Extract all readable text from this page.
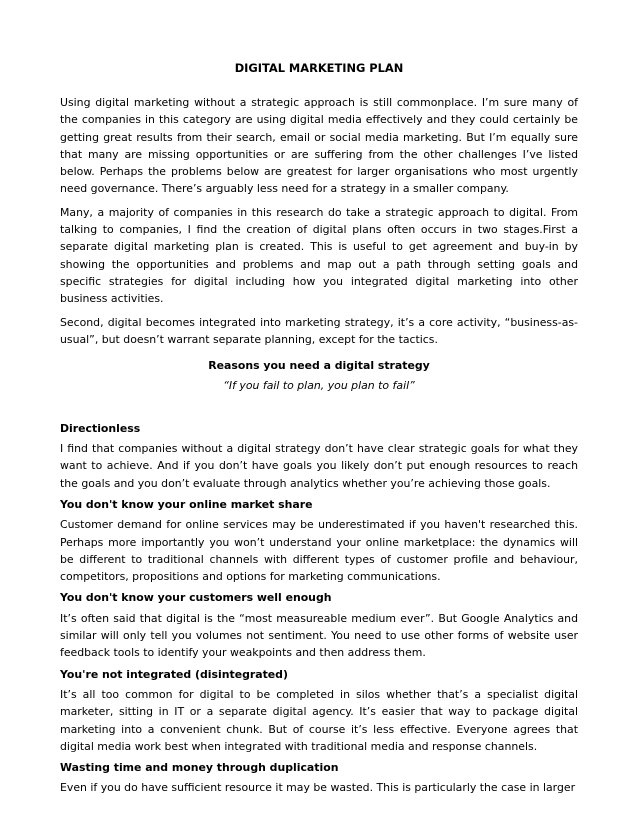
DIGITAL MARKETING PLAN

Using digital marketing without a strategic approach is still commonplace. I’m sure many of the companies in this category are using digital media effectively and they could certainly be getting great results from their search, email or social media marketing. But I’m equally sure that many are missing opportunities or are suffering from the other challenges I’ve listed below. Perhaps the problems below are greatest for larger organisations who most urgently need governance. There’s arguably less need for a strategy in a smaller company.

Many, a majority of companies in this research do take a strategic approach to digital. From talking to companies, I find the creation of digital plans often occurs in two stages.First a separate digital marketing plan is created. This is useful to get agreement and buy-in by showing the opportunities and problems and map out a path through setting goals and specific strategies for digital including how you integrated digital marketing into other business activities.

Second, digital becomes integrated into marketing strategy, it’s a core activity, “business-as-usual”, but doesn’t warrant separate planning, except for the tactics.

Reasons you need a digital strategy

“If you fail to plan, you plan to fail”

Directionless

I find that companies without a digital strategy don’t have clear strategic goals for what they want to achieve. And if you don’t have goals you likely don’t put enough resources to reach the goals and you don’t evaluate through analytics whether you’re achieving those goals.

You don't know your online market share

Customer demand for online services may be underestimated if you haven't researched this. Perhaps more importantly you won’t understand your online marketplace: the dynamics will be different to traditional channels with different types of customer profile and behaviour, competitors, propositions and options for marketing communications.

You don't know your customers well enough

It’s often said that digital is the “most measureable medium ever”. But Google Analytics and similar will only tell you volumes not sentiment. You need to use other forms of website user feedback tools to identify your weakpoints and then address them.

You're not integrated (disintegrated)

It’s all too common for digital to be completed in silos whether that’s a specialist digital marketer, sitting in IT or a separate digital agency. It’s easier that way to package digital marketing into a convenient chunk. But of course it’s less effective. Everyone agrees that digital media work best when integrated with traditional media and response channels.

Wasting time and money through duplication

Even if you do have sufficient resource it may be wasted. This is particularly the case in larger
